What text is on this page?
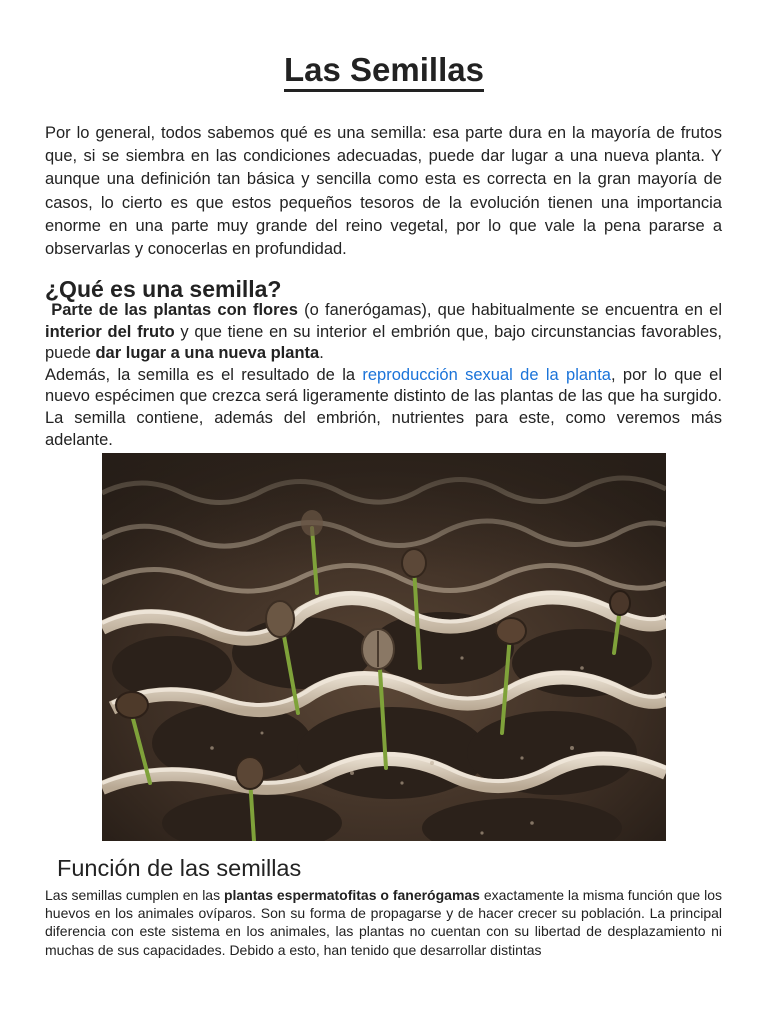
Las Semillas

Por lo general, todos sabemos qué es una semilla: esa parte dura en la mayoría de frutos que, si se siembra en las condiciones adecuadas, puede dar lugar a una nueva planta. Y aunque una definición tan básica y sencilla como esta es correcta en la gran mayoría de casos, lo cierto es que estos pequeños tesoros de la evolución tienen una importancia enorme en una parte muy grande del reino vegetal, por lo que vale la pena pararse a observarlas y conocerlas en profundidad.

¿Qué es una semilla?
Parte de las plantas con flores (o fanerógamas), que habitualmente se encuentra en el interior del fruto y que tiene en su interior el embrión que, bajo circunstancias favorables, puede dar lugar a una nueva planta.
Además, la semilla es el resultado de la reproducción sexual de la planta, por lo que el nuevo espécimen que crezca será ligeramente distinto de las plantas de las que ha surgido. La semilla contiene, además del embrión, nutrientes para este, como veremos más adelante.
Función de las semillas

Las semillas cumplen en las plantas espermatofitas o fanerógamas exactamente la misma función que los huevos en los animales ovíparos. Son su forma de propagarse y de hacer crecer su población. La principal diferencia con este sistema en los animales, las plantas no cuentan con su libertad de desplazamiento ni muchas de sus capacidades. Debido a esto, han tenido que desarrollar distintas
